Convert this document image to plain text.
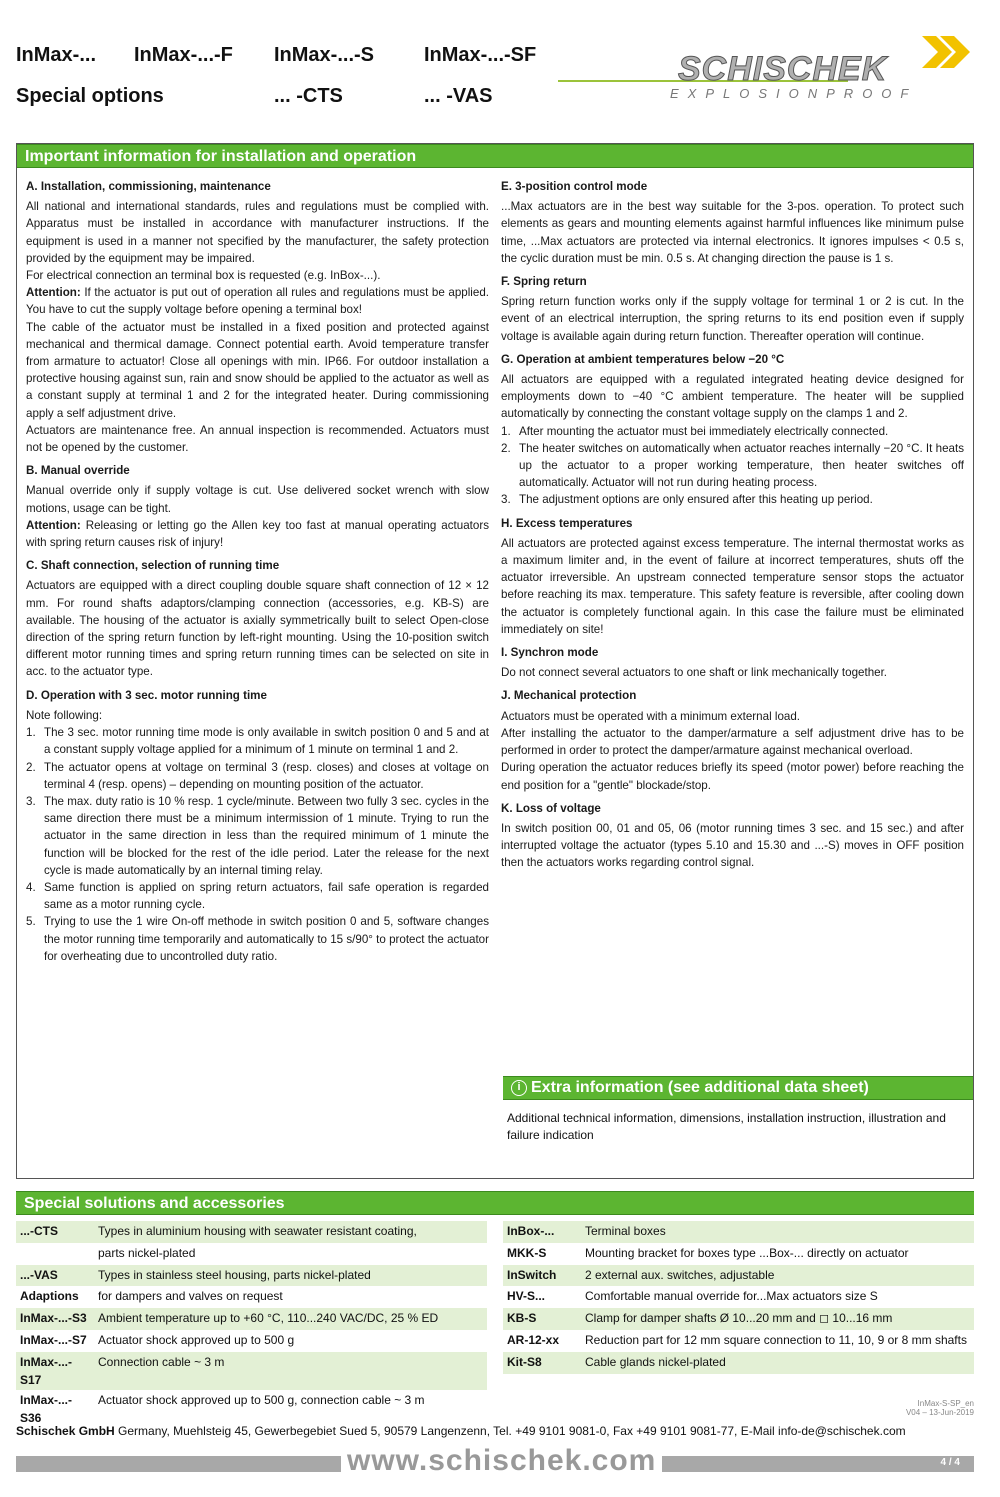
InMax-... InMax-...-F InMax-...-S InMax-...-SF
Special options	... -CTS	... -VAS
SCHISCHEK
EXPLOSIONPROOF
Important information for installation and operation
A. Installation, commissioning, maintenance
All national and international standards, rules and regulations must be complied with. Apparatus must be installed in accordance with manufacturer instructions. If the equipment is used in a manner not specified by the manufacturer, the safety protection provided by the equipment may be impaired.
For electrical connection an terminal box is requested (e.g. InBox-...).
Attention: If the actuator is put out of operation all rules and regulations must be applied. You have to cut the supply voltage before opening a terminal box!
The cable of the actuator must be installed in a fixed position and protected against mechanical and thermical damage. Connect potential earth. Avoid temperature transfer from armature to actuator! Close all openings with min. IP66. For outdoor installation a protective housing against sun, rain and snow should be applied to the actuator as well as a constant supply at terminal 1 and 2 for the integrated heater. During commissioning apply a self adjustment drive.
Actuators are maintenance free. An annual inspection is recommended. Actuators must not be opened by the customer.
B. Manual override
Manual override only if supply voltage is cut. Use delivered socket wrench with slow motions, usage can be tight.
Attention: Releasing or letting go the Allen key too fast at manual operating actuators with spring return causes risk of injury!
C. Shaft connection, selection of running time
Actuators are equipped with a direct coupling double square shaft connection of 12 × 12 mm. For round shafts adaptors/clamping connection (accessories, e.g. KB-S) are available. The housing of the actuator is axially symmetrically built to select Open-close direction of the spring return function by left-right mounting. Using the 10-position switch different motor running times and spring return running times can be selected on site in acc. to the actuator type.
D. Operation with 3 sec. motor running time
Note following:
1. The 3 sec. motor running time mode is only available in switch position 0 and 5 and at a constant supply voltage applied for a minimum of 1 minute on terminal 1 and 2.
2. The actuator opens at voltage on terminal 3 (resp. closes) and closes at voltage on terminal 4 (resp. opens) – depending on mounting position of the actuator.
3. The max. duty ratio is 10 % resp. 1 cycle/minute. Between two fully 3 sec. cycles in the same direction there must be a minimum intermission of 1 minute. Trying to run the actuator in the same direction in less than the required minimum of 1 minute the function will be blocked for the rest of the idle period. Later the release for the next cycle is made automatically by an internal timing relay.
4. Same function is applied on spring return actuators, fail safe operation is regarded same as a motor running cycle.
5. Trying to use the 1 wire On-off methode in switch position 0 and 5, software changes the motor running time temporarily and automatically to 15 s/90° to protect the actuator for overheating due to uncontrolled duty ratio.
E. 3-position control mode
...Max actuators are in the best way suitable for the 3-pos. operation. To protect such elements as gears and mounting elements against harmful influences like minimum pulse time, ...Max actuators are protected via internal electronics. It ignores impulses < 0.5 s, the cyclic duration must be min. 0.5 s. At changing direction the pause is 1 s.
F. Spring return
Spring return function works only if the supply voltage for terminal 1 or 2 is cut. In the event of an electrical interruption, the spring returns to its end position even if supply voltage is available again during return function. Thereafter operation will continue.
G. Operation at ambient temperatures below −20 °C
All actuators are equipped with a regulated integrated heating device designed for employments down to −40 °C ambient temperature. The heater will be supplied automatically by connecting the constant voltage supply on the clamps 1 and 2.
1. After mounting the actuator must bei immediately electrically connected.
2. The heater switches on automatically when actuator reaches internally −20 °C. It heats up the actuator to a proper working temperature, then heater switches off automatically. Actuator will not run during heating process.
3. The adjustment options are only ensured after this heating up period.
H. Excess temperatures
All actuators are protected against excess temperature. The internal thermostat works as a maximum limiter and, in the event of failure at incorrect temperatures, shuts off the actuator irreversible. An upstream connected temperature sensor stops the actuator before reaching its max. temperature. This safety feature is reversible, after cooling down the actuator is completely functional again. In this case the failure must be eliminated immediately on site!
I. Synchron mode
Do not connect several actuators to one shaft or link mechanically together.
J. Mechanical protection
Actuators must be operated with a minimum external load.
After installing the actuator to the damper/armature a self adjustment drive has to be performed in order to protect the damper/armature against mechanical overload.
During operation the actuator reduces briefly its speed (motor power) before reaching the end position for a "gentle" blockade/stop.
K. Loss of voltage
In switch position 00, 01 and 05, 06 (motor running times 3 sec. and 15 sec.) and after interrupted voltage the actuator (types 5.10 and 15.30 and ...-S) moves in OFF position then the actuators works regarding control signal.
i Extra information (see additional data sheet)
Additional technical information, dimensions, installation instruction, illustration and failure indication
Special solutions and accessories
...-CTS	Types in aluminium housing with seawater resistant coating,
	parts nickel-plated
...-VAS	Types in stainless steel housing, parts nickel-plated
Adaptions	for dampers and valves on request
InMax-...-S3	Ambient temperature up to +60 °C, 110...240 VAC/DC, 25 % ED
InMax-...-S7	Actuator shock approved up to 500 g
InMax-...-S17	Connection cable ~ 3 m
InMax-...-S36	Actuator shock approved up to 500 g, connection cable ~ 3 m
InBox-...	Terminal boxes
MKK-S	Mounting bracket for boxes type ...Box-... directly on actuator
InSwitch	2 external aux. switches, adjustable
HV-S...	Comfortable manual override for...Max actuators size S
KB-S	Clamp for damper shafts Ø 10...20 mm and ◻ 10...16 mm
AR-12-xx	Reduction part for 12 mm square connection to 11, 10, 9 or 8 mm shafts
Kit-S8	Cable glands nickel-plated
InMax-S-SP_en
V04 – 13-Jun-2019
Schischek GmbH Germany, Muehlsteig 45, Gewerbegebiet Sued 5, 90579 Langenzenn, Tel. +49 9101 9081-0, Fax +49 9101 9081-77, E-Mail info-de@schischek.com
www.schischek.com	4 / 4
